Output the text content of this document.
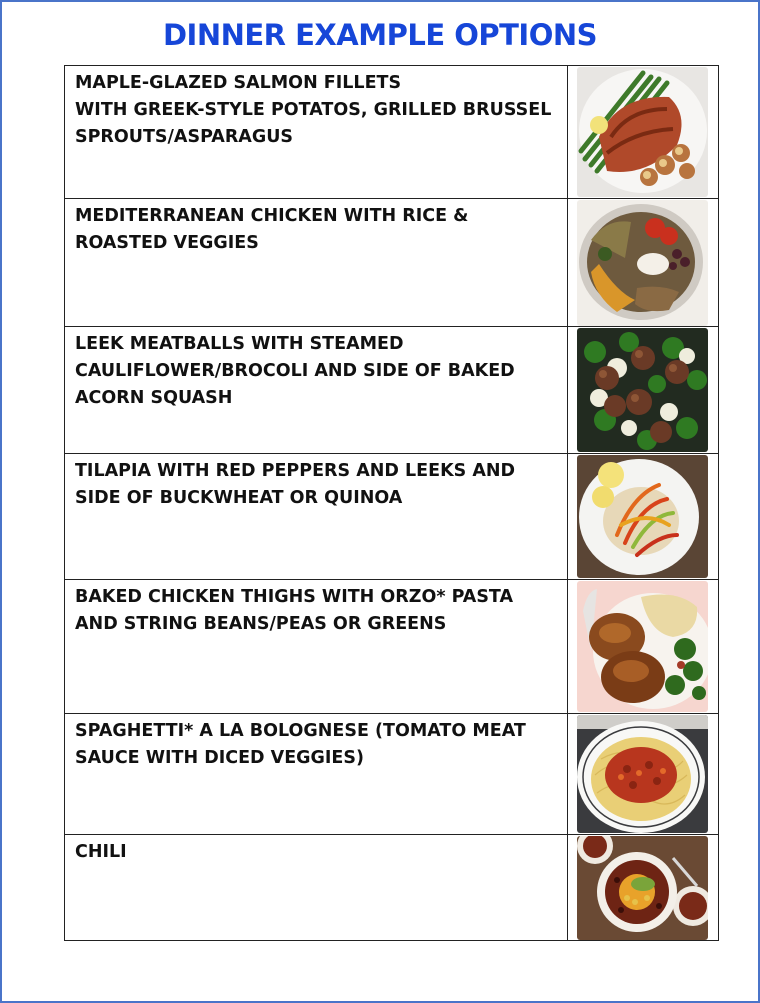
DINNER EXAMPLE OPTIONS
MAPLE-GLAZED SALMON FILLETS
WITH GREEK-STYLE POTATOS, GRILLED BRUSSEL SPROUTS/ASPARAGUS	

MEDITERRANEAN CHICKEN WITH RICE & ROASTED VEGGIES	

LEEK MEATBALLS WITH STEAMED CAULIFLOWER/BROCOLI AND SIDE OF BAKED ACORN SQUASH	

TILAPIA WITH RED PEPPERS AND LEEKS AND SIDE OF BUCKWHEAT OR QUINOA	

BAKED CHICKEN THIGHS WITH ORZO* PASTA AND STRING BEANS/PEAS OR GREENS	

SPAGHETTI* A LA BOLOGNESE (TOMATO MEAT SAUCE WITH DICED VEGGIES)	

CHILI	
